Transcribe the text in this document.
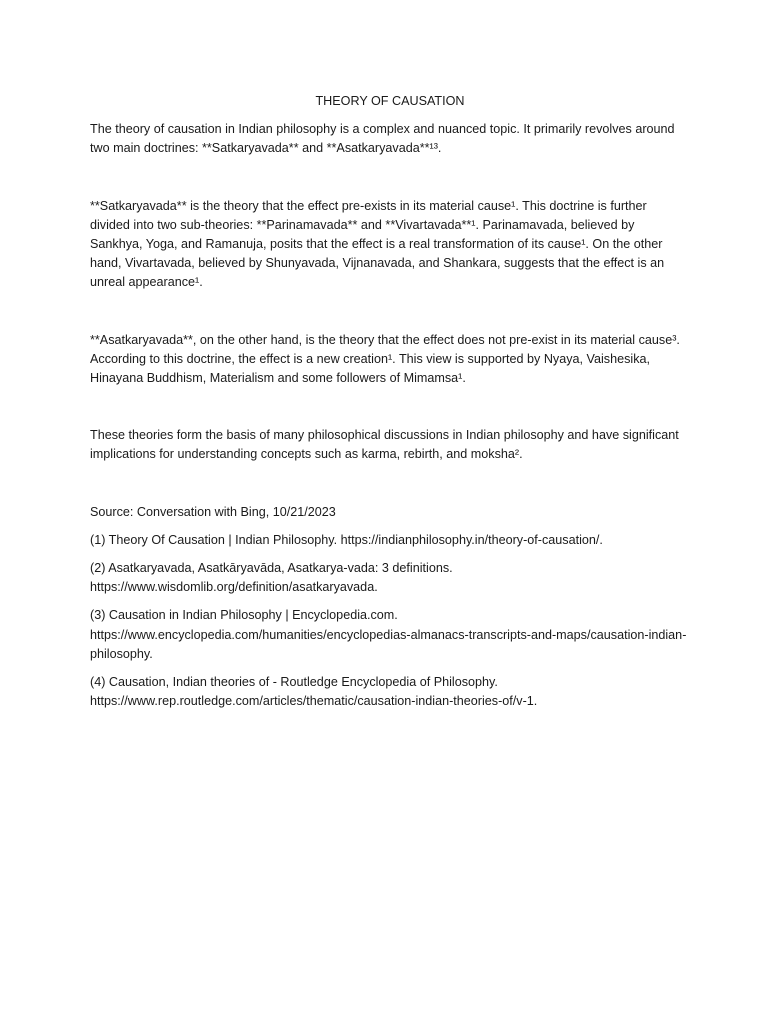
THEORY OF CAUSATION

The theory of causation in Indian philosophy is a complex and nuanced topic. It primarily revolves around two main doctrines: **Satkaryavada** and **Asatkaryavada**¹³.

**Satkaryavada** is the theory that the effect pre-exists in its material cause¹. This doctrine is further divided into two sub-theories: **Parinamavada** and **Vivartavada**¹. Parinamavada, believed by Sankhya, Yoga, and Ramanuja, posits that the effect is a real transformation of its cause¹. On the other hand, Vivartavada, believed by Shunyavada, Vijnanavada, and Shankara, suggests that the effect is an unreal appearance¹.

**Asatkaryavada**, on the other hand, is the theory that the effect does not pre-exist in its material cause³. According to this doctrine, the effect is a new creation¹. This view is supported by Nyaya, Vaishesika, Hinayana Buddhism, Materialism and some followers of Mimamsa¹.

These theories form the basis of many philosophical discussions in Indian philosophy and have significant implications for understanding concepts such as karma, rebirth, and moksha².

Source: Conversation with Bing, 10/21/2023

(1) Theory Of Causation | Indian Philosophy. https://indianphilosophy.in/theory-of-causation/.

(2) Asatkaryavada, Asatkāryavāda, Asatkarya-vada: 3 definitions. https://www.wisdomlib.org/definition/asatkaryavada.

(3) Causation in Indian Philosophy | Encyclopedia.com. https://www.encyclopedia.com/humanities/encyclopedias-almanacs-transcripts-and-maps/causation-indian-philosophy.

(4) Causation, Indian theories of - Routledge Encyclopedia of Philosophy. https://www.rep.routledge.com/articles/thematic/causation-indian-theories-of/v-1.
